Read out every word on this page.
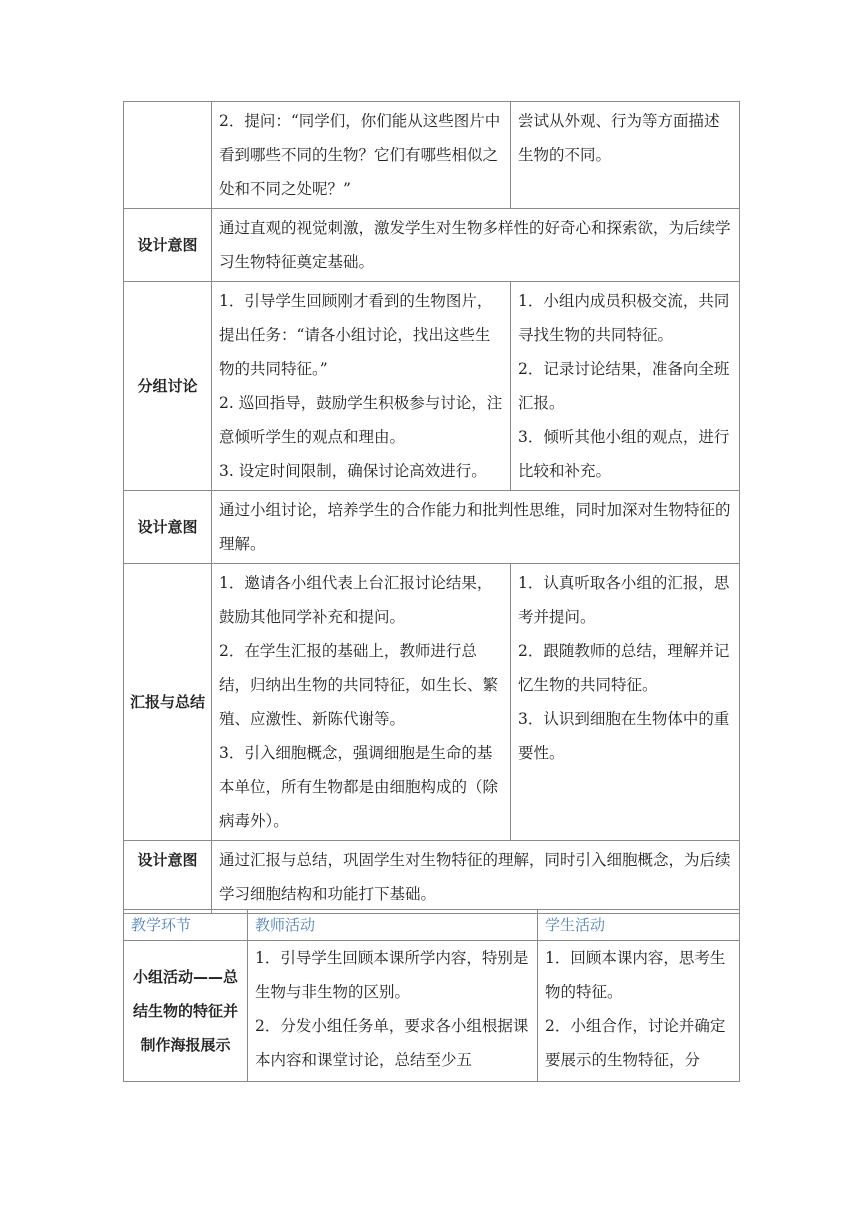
	2．提问：“同学们，你们能从这些图片中看到哪些不同的生物？它们有哪些相似之处和不同之处呢？”	尝试从外观、行为等方面描述生物的不同。

设计意图	通过直观的视觉刺激，激发学生对生物多样性的好奇心和探索欲，为后续学习生物特征奠定基础。	
分组讨论	1．引导学生回顾刚才看到的生物图片，提出任务：“请各小组讨论，找出这些生物的共同特征。”
2. 巡回指导，鼓励学生积极参与讨论，注意倾听学生的观点和理由。
3. 设定时间限制，确保讨论高效进行。	1．小组内成员积极交流，共同寻找生物的共同特征。
2．记录讨论结果，准备向全班汇报。
3．倾听其他小组的观点，进行比较和补充。

设计意图	通过小组讨论，培养学生的合作能力和批判性思维，同时加深对生物特征的理解。	
汇报与总结	1．邀请各小组代表上台汇报讨论结果，鼓励其他同学补充和提问。
2．在学生汇报的基础上，教师进行总结，归纳出生物的共同特征，如生长、繁殖、应激性、新陈代谢等。
3．引入细胞概念，强调细胞是生命的基本单位，所有生物都是由细胞构成的（除病毒外）。	1．认真听取各小组的汇报，思考并提问。
2．跟随教师的总结，理解并记忆生物的共同特征。
3．认识到细胞在生物体中的重要性。

设计意图	通过汇报与总结，巩固学生对生物特征的理解，同时引入细胞概念，为后续学习细胞结构和功能打下基础。	
教学环节	教师活动	学生活动
小组活动——总结生物的特征并制作海报展示	1．引导学生回顾本课所学内容，特别是生物与非生物的区别。
2．分发小组任务单，要求各小组根据课本内容和课堂讨论，总结至少五	1．回顾本课内容，思考生物的特征。
2．小组合作，讨论并确定要展示的生物特征，分
